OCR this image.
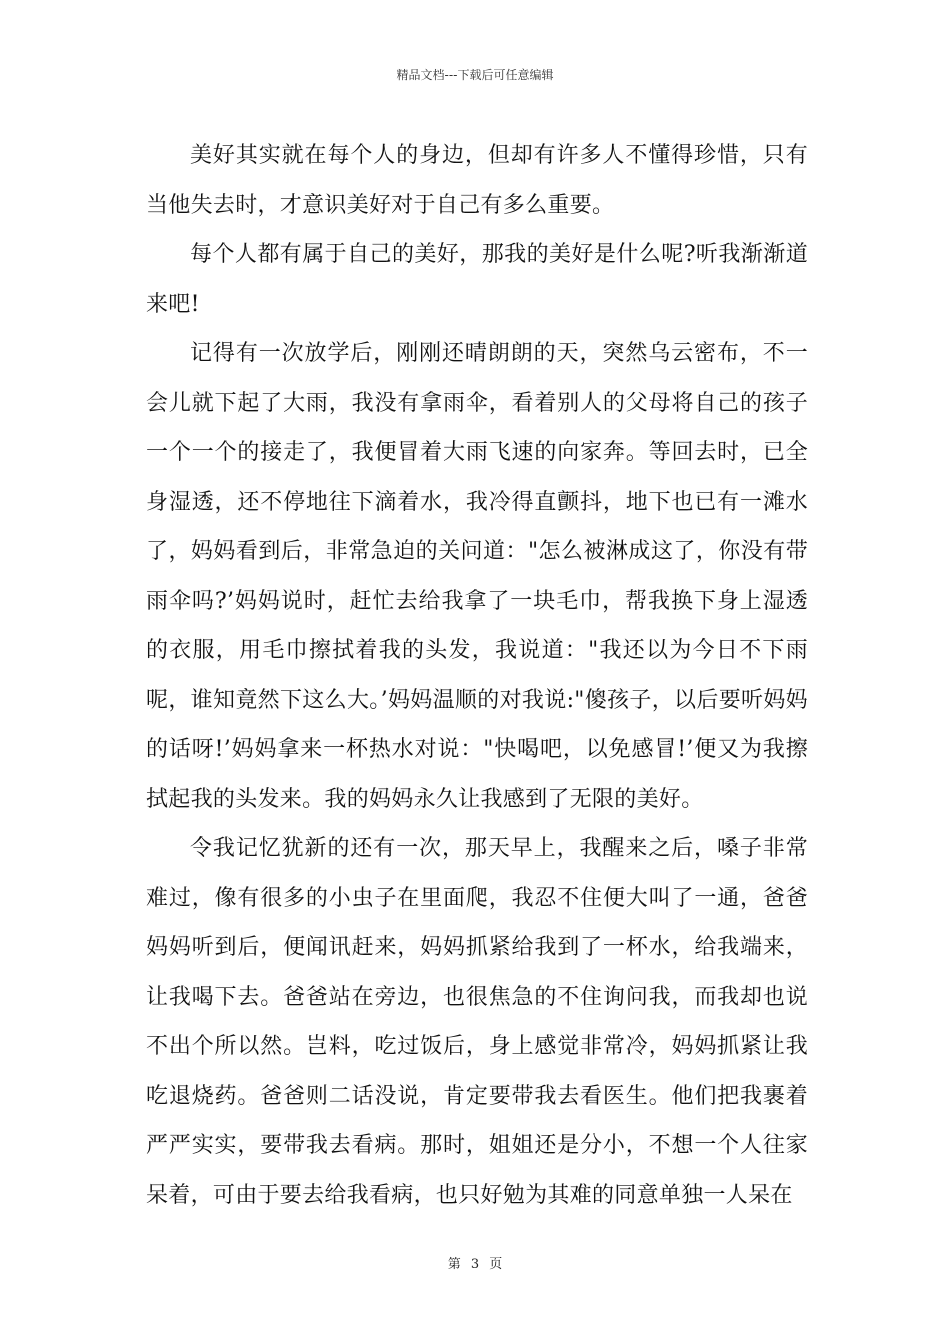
精品文档---下载后可任意编辑

美好其实就在每个人的身边，但却有许多人不懂得珍惜，只有当他失去时，才意识美好对于自己有多么重要。

每个人都有属于自己的美好，那我的美好是什么呢?听我渐渐道来吧!

记得有一次放学后，刚刚还晴朗朗的天，突然乌云密布，不一会儿就下起了大雨，我没有拿雨伞，看着别人的父母将自己的孩子一个一个的接走了，我便冒着大雨飞速的向家奔。等回去时，已全身湿透，还不停地往下滴着水，我冷得直颤抖，地下也已有一滩水了，妈妈看到后，非常急迫的关问道："怎么被淋成这了，你没有带雨伞吗?’妈妈说时，赶忙去给我拿了一块毛巾，帮我换下身上湿透的衣服，用毛巾擦拭着我的头发，我说道："我还以为今日不下雨呢，谁知竟然下这么大。’妈妈温顺的对我说:"傻孩子，以后要听妈妈的话呀!’妈妈拿来一杯热水对说："快喝吧，以免感冒!’便又为我擦拭起我的头发来。我的妈妈永久让我感到了无限的美好。

令我记忆犹新的还有一次，那天早上，我醒来之后，嗓子非常难过，像有很多的小虫子在里面爬，我忍不住便大叫了一通，爸爸妈妈听到后，便闻讯赶来，妈妈抓紧给我到了一杯水，给我端来，让我喝下去。爸爸站在旁边，也很焦急的不住询问我，而我却也说不出个所以然。岂料，吃过饭后，身上感觉非常冷，妈妈抓紧让我吃退烧药。爸爸则二话没说，肯定要带我去看医生。他们把我裹着严严实实，要带我去看病。那时，姐姐还是分小，不想一个人往家呆着，可由于要去给我看病，也只好勉为其难的同意单独一人呆在

第 3 页
